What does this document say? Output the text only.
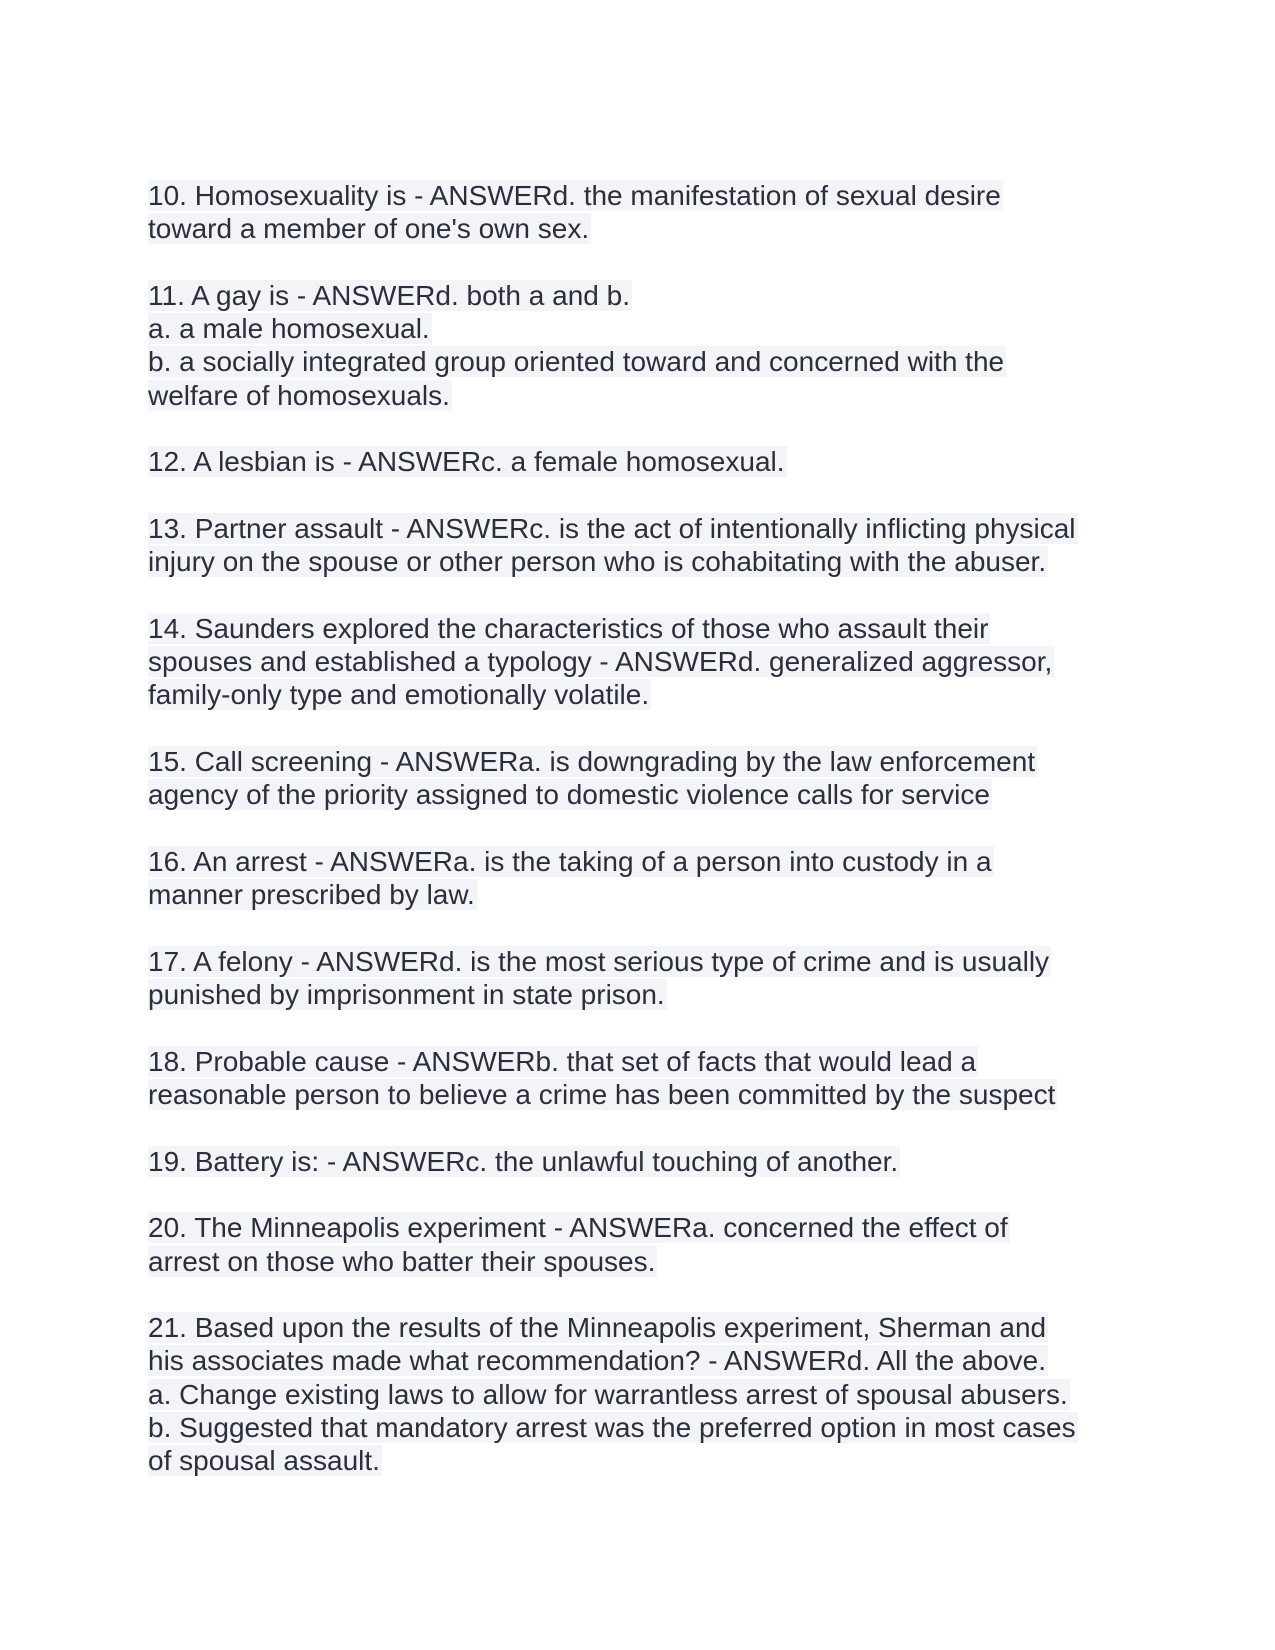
10. Homosexuality is - ANSWERd. the manifestation of sexual desire
toward a member of one's own sex.
11. A gay is - ANSWERd. both a and b.
a. a male homosexual.
b. a socially integrated group oriented toward and concerned with the
welfare of homosexuals.
12. A lesbian is - ANSWERc. a female homosexual.
13. Partner assault - ANSWERc. is the act of intentionally inflicting physical
injury on the spouse or other person who is cohabitating with the abuser.
14. Saunders explored the characteristics of those who assault their
spouses and established a typology - ANSWERd. generalized aggressor,
family-only type and emotionally volatile.
15. Call screening - ANSWERa. is downgrading by the law enforcement
agency of the priority assigned to domestic violence calls for service
16. An arrest - ANSWERa. is the taking of a person into custody in a
manner prescribed by law.
17. A felony - ANSWERd. is the most serious type of crime and is usually
punished by imprisonment in state prison.
18. Probable cause - ANSWERb. that set of facts that would lead a
reasonable person to believe a crime has been committed by the suspect
19. Battery is: - ANSWERc. the unlawful touching of another.
20. The Minneapolis experiment - ANSWERa. concerned the effect of
arrest on those who batter their spouses.
21. Based upon the results of the Minneapolis experiment, Sherman and
his associates made what recommendation? - ANSWERd. All the above.
a. Change existing laws to allow for warrantless arrest of spousal abusers.
b. Suggested that mandatory arrest was the preferred option in most cases
of spousal assault.
